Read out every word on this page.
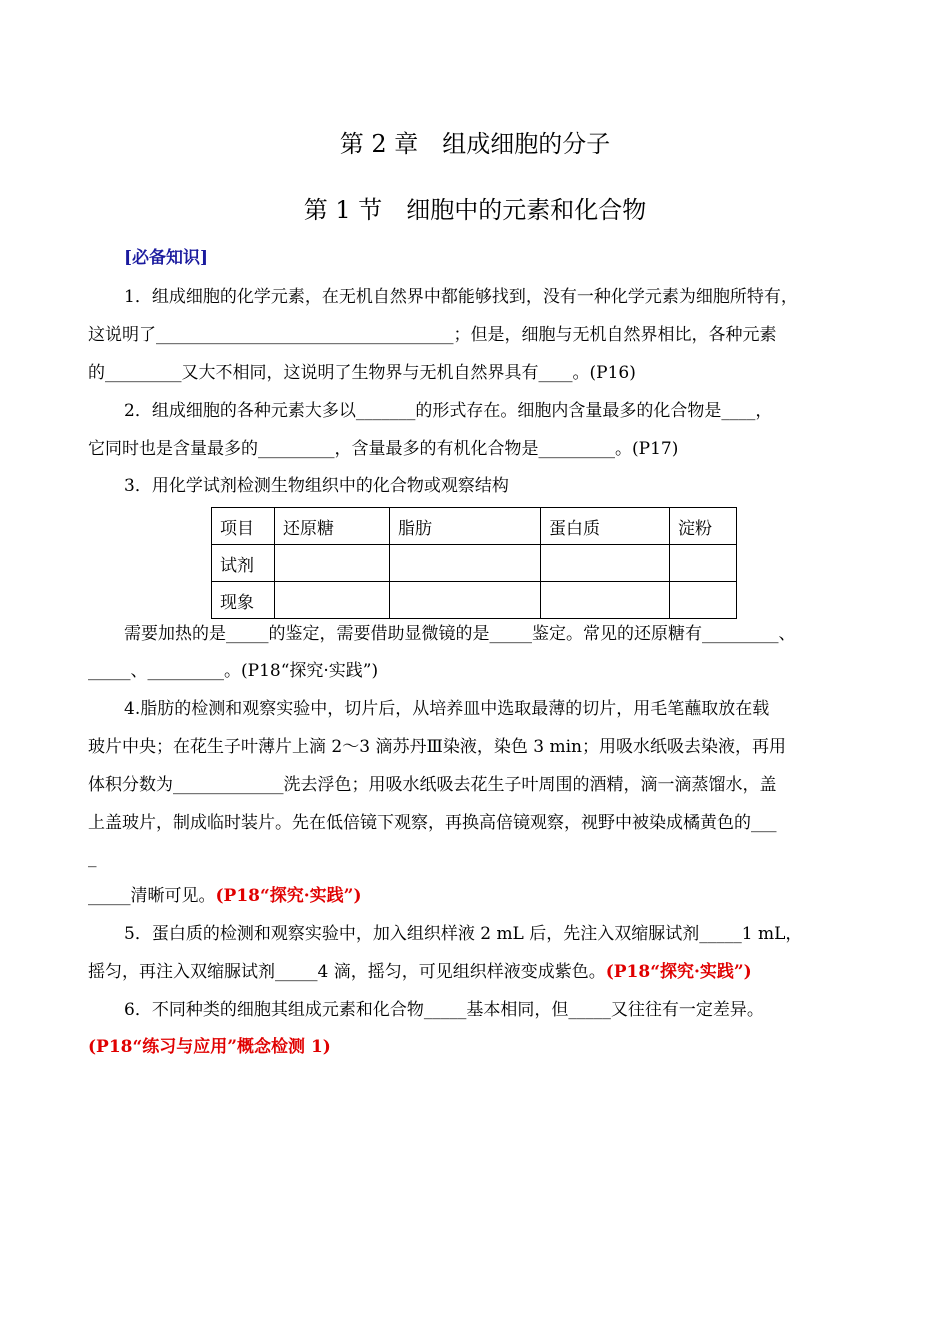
第 2 章　组成细胞的分子
第 1 节　细胞中的元素和化合物
[必备知识]
1．组成细胞的化学元素，在无机自然界中都能够找到，没有一种化学元素为细胞所特有，
这说明了___________________________________；但是，细胞与无机自然界相比，各种元素
的_________又大不相同，这说明了生物界与无机自然界具有____。(P16)
2．组成细胞的各种元素大多以_______的形式存在。细胞内含量最多的化合物是____，
它同时也是含量最多的_________，含量最多的有机化合物是_________。(P17)
3．用化学试剂检测生物组织中的化合物或观察结构
项目	还原糖	脂肪	蛋白质	淀粉
试剂				
现象				
需要加热的是_____的鉴定，需要借助显微镜的是_____鉴定。常见的还原糖有_________、
_____、_________。(P18“探究·实践”)
4.脂肪的检测和观察实验中，切片后，从培养皿中选取最薄的切片，用毛笔蘸取放在载
玻片中央；在花生子叶薄片上滴 2～3 滴苏丹Ⅲ染液，染色 3 min；用吸水纸吸去染液，再用
体积分数为_____________洗去浮色；用吸水纸吸去花生子叶周围的酒精，滴一滴蒸馏水，盖
上盖玻片，制成临时装片。先在低倍镜下观察，再换高倍镜观察，视野中被染成橘黄色的___
_
_____清晰可见。(P18“探究·实践”)
5．蛋白质的检测和观察实验中，加入组织样液 2 mL 后，先注入双缩脲试剂_____1 mL，
摇匀，再注入双缩脲试剂_____4 滴，摇匀，可见组织样液变成紫色。(P18“探究·实践”)
6．不同种类的细胞其组成元素和化合物_____基本相同，但_____又往往有一定差异。
(P18“练习与应用”概念检测 1)
